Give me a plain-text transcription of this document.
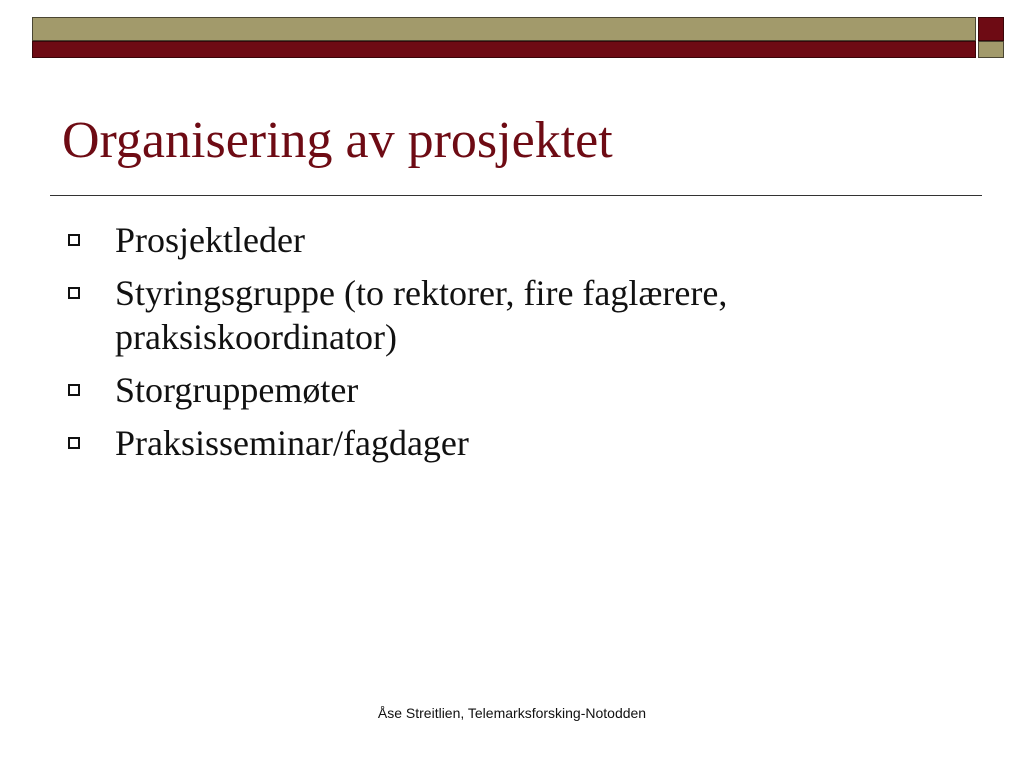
Organisering av prosjektet
Prosjektleder
Styringsgruppe (to rektorer, fire faglærere, praksiskoordinator)
Storgruppemøter
Praksisseminar/fagdager
Åse Streitlien, Telemarksforsking-Notodden
